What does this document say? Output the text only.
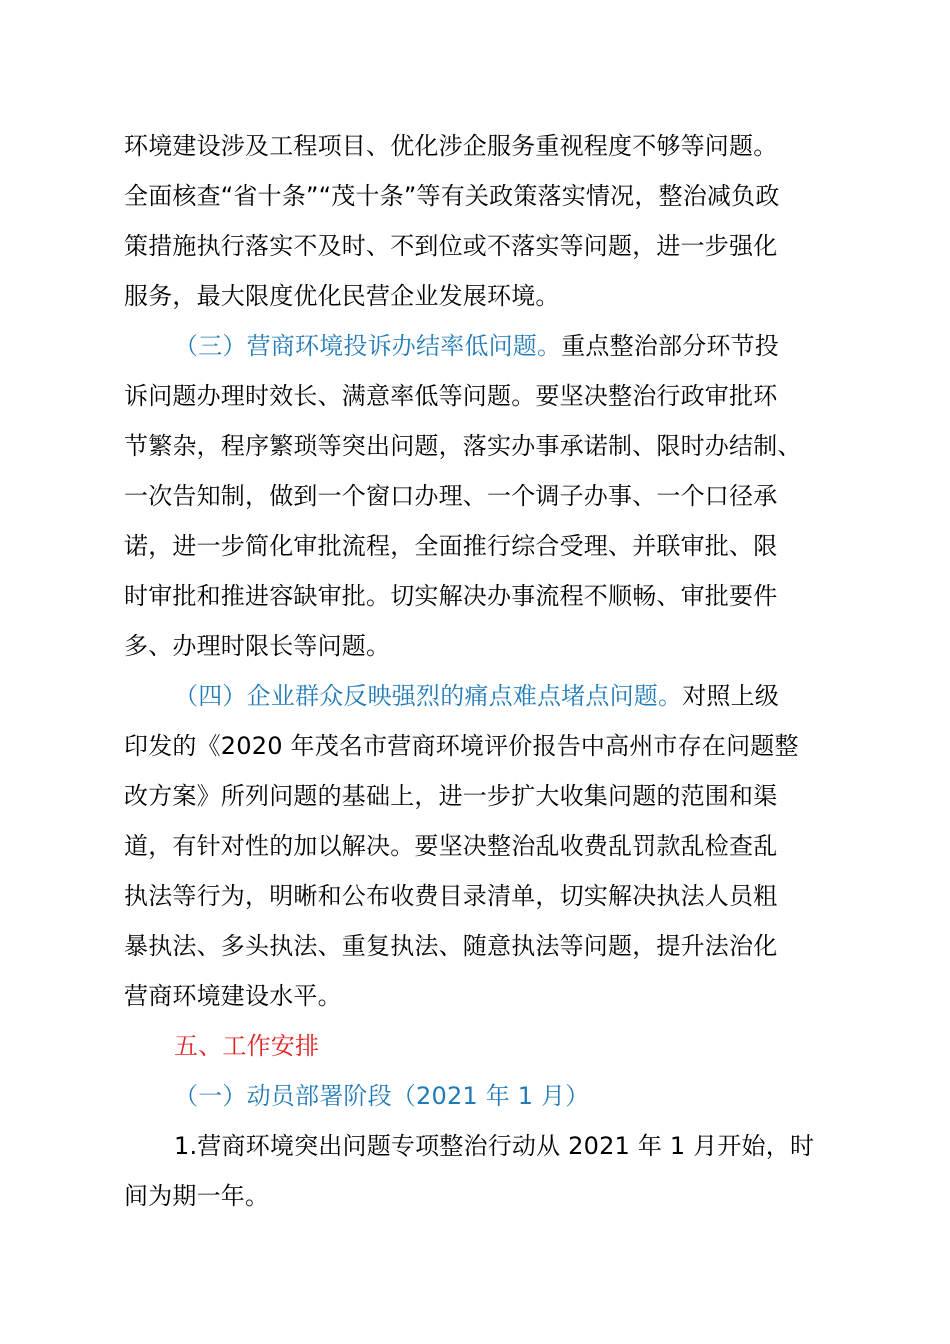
环境建设涉及工程项目、优化涉企服务重视程度不够等问题。
全面核查“省十条”“茂十条”等有关政策落实情况，整治减负政
策措施执行落实不及时、不到位或不落实等问题，进一步强化
服务，最大限度优化民营企业发展环境。
（三）营商环境投诉办结率低问题。重点整治部分环节投
诉问题办理时效长、满意率低等问题。要坚决整治行政审批环
节繁杂，程序繁琐等突出问题，落实办事承诺制、限时办结制、
一次告知制，做到一个窗口办理、一个调子办事、一个口径承
诺，进一步简化审批流程，全面推行综合受理、并联审批、限
时审批和推进容缺审批。切实解决办事流程不顺畅、审批要件
多、办理时限长等问题。
（四）企业群众反映强烈的痛点难点堵点问题。对照上级
印发的《2020 年茂名市营商环境评价报告中高州市存在问题整
改方案》所列问题的基础上，进一步扩大收集问题的范围和渠
道，有针对性的加以解决。要坚决整治乱收费乱罚款乱检查乱
执法等行为，明晰和公布收费目录清单，切实解决执法人员粗
暴执法、多头执法、重复执法、随意执法等问题，提升法治化
营商环境建设水平。
五、工作安排
（一）动员部署阶段（2021 年 1 月）
1.营商环境突出问题专项整治行动从 2021 年 1 月开始，时
间为期一年。
